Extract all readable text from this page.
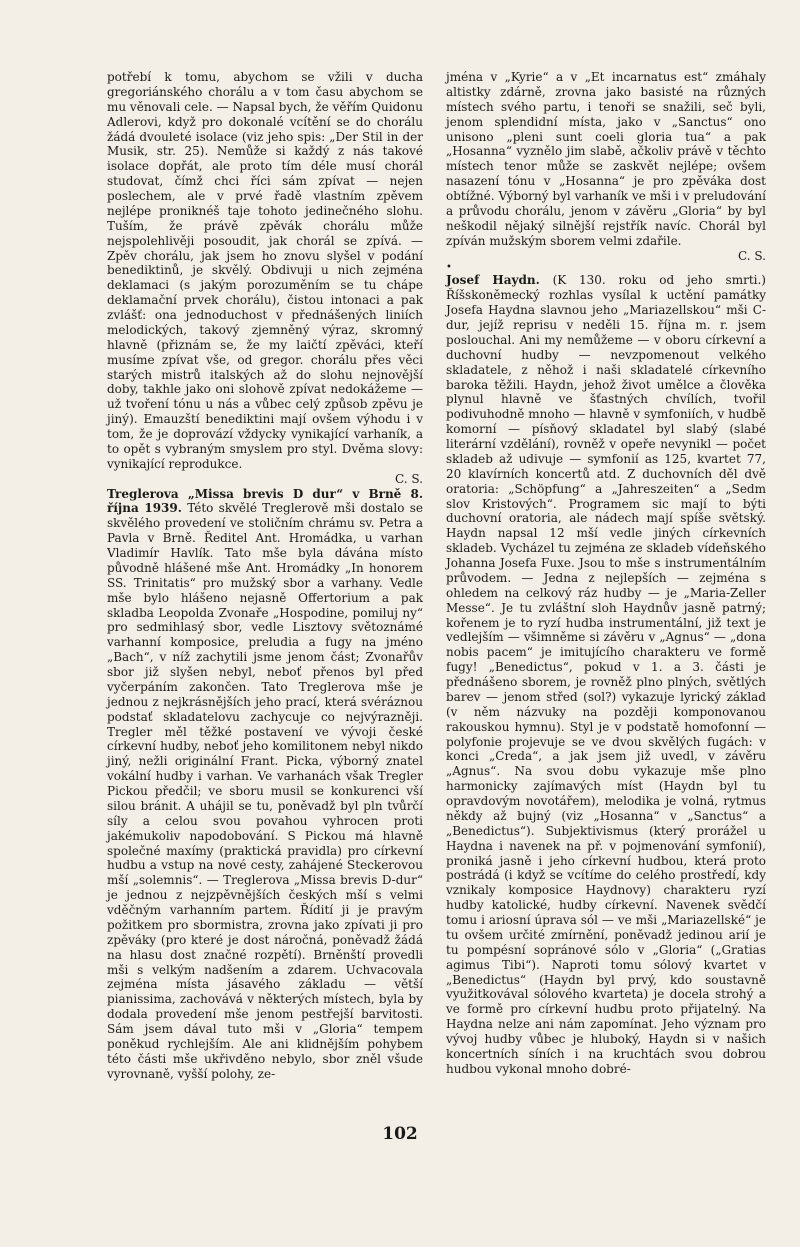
potřebí k tomu, abychom se vžili v ducha gregoriánského chorálu a v tom času abychom se mu věnovali cele. — Napsal bych, že věřím Quidonu Adlerovi, když pro dokonalé vcítění se do chorálu žádá dvouleté isolace (viz jeho spis: „Der Stil in der Musik, str. 25). Nemůže si každý z nás takové isolace dopřát, ale proto tím déle musí chorál studovat, čímž chci říci sám zpívat — nejen poslechem, ale v prvé řadě vlastním zpěvem nejlépe proniknéš taje tohoto jedinečného slohu. Tuším, že právě zpěvák chorálu může nejspolehlivěji posoudit, jak chorál se zpívá. — Zpěv chorálu, jak jsem ho znovu slyšel v podání benediktinů, je skvělý. Obdivuji u nich zejména deklamaci (s jakým porozuměním se tu chápe deklamační prvek chorálu), čistou intonaci a pak zvlášť: ona jednoduchost v přednášených liniích melodických, takový zjemněný výraz, skromný hlavně (přiznám se, že my laičtí zpěváci, kteří musíme zpívat vše, od gregor. chorálu přes věci starých mistrů italských až do slohu nejnovější doby, takhle jako oni slohově zpívat nedokážeme — už tvoření tónu u nás a vůbec celý způsob zpěvu je jiný). Emauzští benediktini mají ovšem výhodu i v tom, že je doprovází vždycky vynikající varhaník, a to opět s vybraným smyslem pro styl. Dvěma slovy: vynikající reprodukce.

C. S.

Treglerova „Missa brevis D dur“ v Brně 8. října 1939. Této skvělé Treglerově mši dostalo se skvělého provedení ve stoličním chrámu sv. Petra a Pavla v Brně. Ředitel Ant. Hromádka, u varhan Vladimír Havlík. Tato mše byla dávána místo původně hlášené mše Ant. Hromádky „In honorem SS. Trinitatis“ pro mužský sbor a varhany. Vedle mše bylo hlášeno nejasně Offertorium a pak skladba Leopolda Zvonaře „Hospodine, pomiluj ny“ pro sedmihlasý sbor, vedle Lisztovy světoznámé varhanní komposice, preludia a fugy na jméno „Bach“, v níž zachytili jsme jenom část; Zvonařův sbor již slyšen nebyl, neboť přenos byl před vyčerpáním zakončen. Tato Treglerova mše je jednou z nejkrásnějších jeho prací, která svéráznou podstať skladatelovu zachycuje co nejvýrazněji. Tregler měl těžké postavení ve vývoji české církevní hudby, neboť jeho komilitonem nebyl nikdo jiný, nežli originální Frant. Picka, výborný znatel vokální hudby i varhan. Ve varhanách však Tregler Pickou předčil; ve sboru musil se konkurenci vší silou bránit. A uhájil se tu, poněvadž byl pln tvůrčí síly a celou svou povahou vyhrocen proti jakémukoliv napodobování. S Pickou má hlavně společné maxímy (praktická pravidla) pro církevní hudbu a vstup na nové cesty, zahájené Steckerovou mší „solemnis“. — Treglerova „Missa brevis D-dur“ je jednou z nejzpěvnějších českých mší s velmi vděčným varhanním partem. Řídití ji je pravým požitkem pro sbormistra, zrovna jako zpívati ji pro zpěváky (pro které je dost náročná, poněvadž žádá na hlasu dost značné rozpětí). Brněnští provedli mši s velkým nadšením a zdarem. Uchvacovala zejména místa jásavého základu — větší pianissima, zachovává v některých místech, byla by dodala provedení mše jenom pestřejší barvitosti. Sám jsem dával tuto mši v „Gloria“ tempem poněkud rychlejším. Ale ani klidnějším pohybem této části mše ukřivděno nebylo, sbor zněl všude vyrovnaně, vyšší polohy, ze-

jména v „Kyrie“ a v „Et incarnatus est“ zmáhaly altistky zdárně, zrovna jako basisté na různých místech svého partu, i tenoři se snažili, seč byli, jenom splendidní místa, jako v „Sanctus“ ono unisono „pleni sunt coeli gloria tua“ a pak „Hosanna“ vyznělo jim slabě, ačkoliv právě v těchto místech tenor může se zaskvět nejlépe; ovšem nasazení tónu v „Hosanna“ je pro zpěváka dost obtížné. Výborný byl varhaník ve mši i v preludování a průvodu chorálu, jenom v závěru „Gloria“ by byl neškodil nějaký silnější rejstřík navíc. Chorál byl zpíván mužským sborem velmi zdařile.

C. S.

•

Josef Haydn. (K 130. roku od jeho smrti.) Říšskoněmecký rozhlas vysílal k uctění památky Josefa Haydna slavnou jeho „Mariazellskou“ mši C-dur, jejíž reprisu v neděli 15. října m. r. jsem poslouchal. Ani my nemůžeme — v oboru církevní a duchovní hudby — nevzpomenout velkého skladatele, z něhož i naši skladatelé církevního baroka těžili. Haydn, jehož život umělce a člověka plynul hlavně ve šťastných chvílích, tvořil podivuhodně mnoho — hlavně v symfoniích, v hudbě komorní — písňový skladatel byl slabý (slabé literární vzdělání), rovněž v opeře nevynikl — počet skladeb až udivuje — symfonií as 125, kvartet 77, 20 klavírních koncertů atd. Z duchovních děl dvě oratoria: „Schöpfung“ a „Jahreszeiten“ a „Sedm slov Kristových“. Programem sic mají to býti duchovní oratoria, ale nádech mají spíše světský. Haydn napsal 12 mší vedle jiných církevních skladeb. Vycházel tu zejména ze skladeb vídeňského Johanna Josefa Fuxe. Jsou to mše s instrumentálním průvodem. — Jedna z nejlepších — zejména s ohledem na celkový ráz hudby — je „Maria-Zeller Messe“. Je tu zvláštní sloh Haydnův jasně patrný; kořenem je to ryzí hudba instrumentální, již text je vedlejším — všimněme si závěru v „Agnus“ — „dona nobis pacem“ je imitujícího charakteru ve formě fugy! „Benedictus“, pokud v 1. a 3. části je přednášeno sborem, je rovněž plno plných, světlých barev — jenom střed (sol?) vykazuje lyrický základ (v něm názvuky na později komponovanou rakouskou hymnu). Styl je v podstatě homofonní — polyfonie projevuje se ve dvou skvělých fugách: v konci „Creda“, a jak jsem již uvedl, v závěru „Agnus“. Na svou dobu vykazuje mše plno harmonicky zajímavých míst (Haydn byl tu opravdovým novotářem), melodika je volná, rytmus někdy až bujný (viz „Hosanna“ v „Sanctus“ a „Benedictus“). Subjektivismus (který prorážel u Haydna i navenek na př. v pojmenování symfonií), proniká jasně i jeho církevní hudbou, která proto postrádá (i když se vcítíme do celého prostředí, kdy vznikaly komposice Haydnovy) charakteru ryzí hudby katolické, hudby církevní. Navenek svědčí tomu i ariosní úprava sól — ve mši „Mariazellské“ je tu ovšem určité zmírnění, poněvadž jedinou arií je tu pompésní sopránové sólo v „Gloria“ („Gratias agimus Tibi“). Naproti tomu sólový kvartet v „Benedictus“ (Haydn byl prvý, kdo soustavně využitkovával sólového kvarteta) je docela strohý a ve formě pro církevní hudbu proto přijatelný. Na Haydna nelze ani nám zapomínat. Jeho význam pro vývoj hudby vůbec je hluboký, Haydn si v našich koncertních síních i na kruchtách svou dobrou hudbou vykonal mnoho dobré-

102
